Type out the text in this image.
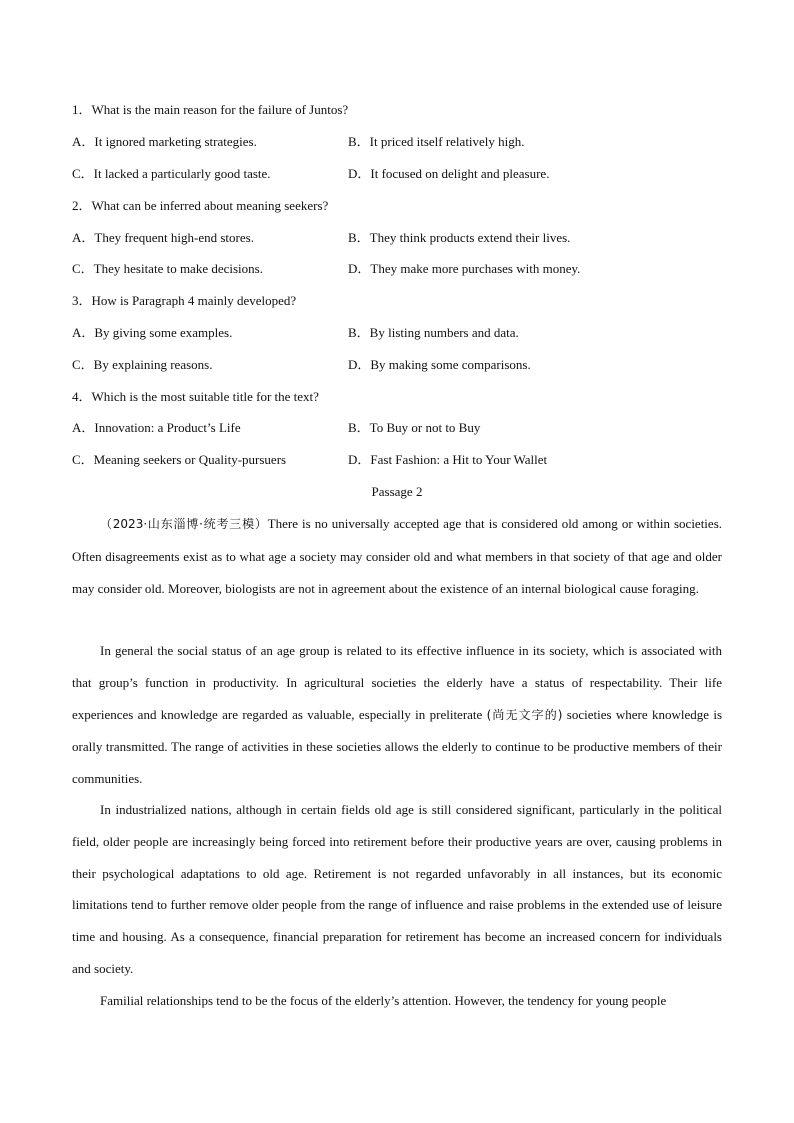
1．What is the main reason for the failure of Juntos?
A．It ignored marketing strategies.	B．It priced itself relatively high.
C．It lacked a particularly good taste.	D．It focused on delight and pleasure.
2．What can be inferred about meaning seekers?
A．They frequent high-end stores.	B．They think products extend their lives.
C．They hesitate to make decisions.	D．They make more purchases with money.
3．How is Paragraph 4 mainly developed?
A．By giving some examples.	B．By listing numbers and data.
C．By explaining reasons.	D．By making some comparisons.
4．Which is the most suitable title for the text?
A．Innovation: a Product’s Life	B．To Buy or not to Buy
C．Meaning seekers or Quality-pursuers	D．Fast Fashion: a Hit to Your Wallet
Passage 2
（2023·山东淄博·统考三模）There is no universally accepted age that is considered old among or within societies. Often disagreements exist as to what age a society may consider old and what members in that society of that age and older may consider old. Moreover, biologists are not in agreement about the existence of an internal biological cause foraging.
In general the social status of an age group is related to its effective influence in its society, which is associated with that group’s function in productivity. In agricultural societies the elderly have a status of respectability. Their life experiences and knowledge are regarded as valuable, especially in preliterate (尚无文字的) societies where knowledge is orally transmitted. The range of activities in these societies allows the elderly to continue to be productive members of their communities.
In industrialized nations, although in certain fields old age is still considered significant, particularly in the political field, older people are increasingly being forced into retirement before their productive years are over, causing problems in their psychological adaptations to old age. Retirement is not regarded unfavorably in all instances, but its economic limitations tend to further remove older people from the range of influence and raise problems in the extended use of leisure time and housing. As a consequence, financial preparation for retirement has become an increased concern for individuals and society.
Familial relationships tend to be the focus of the elderly’s attention. However, the tendency for young people
